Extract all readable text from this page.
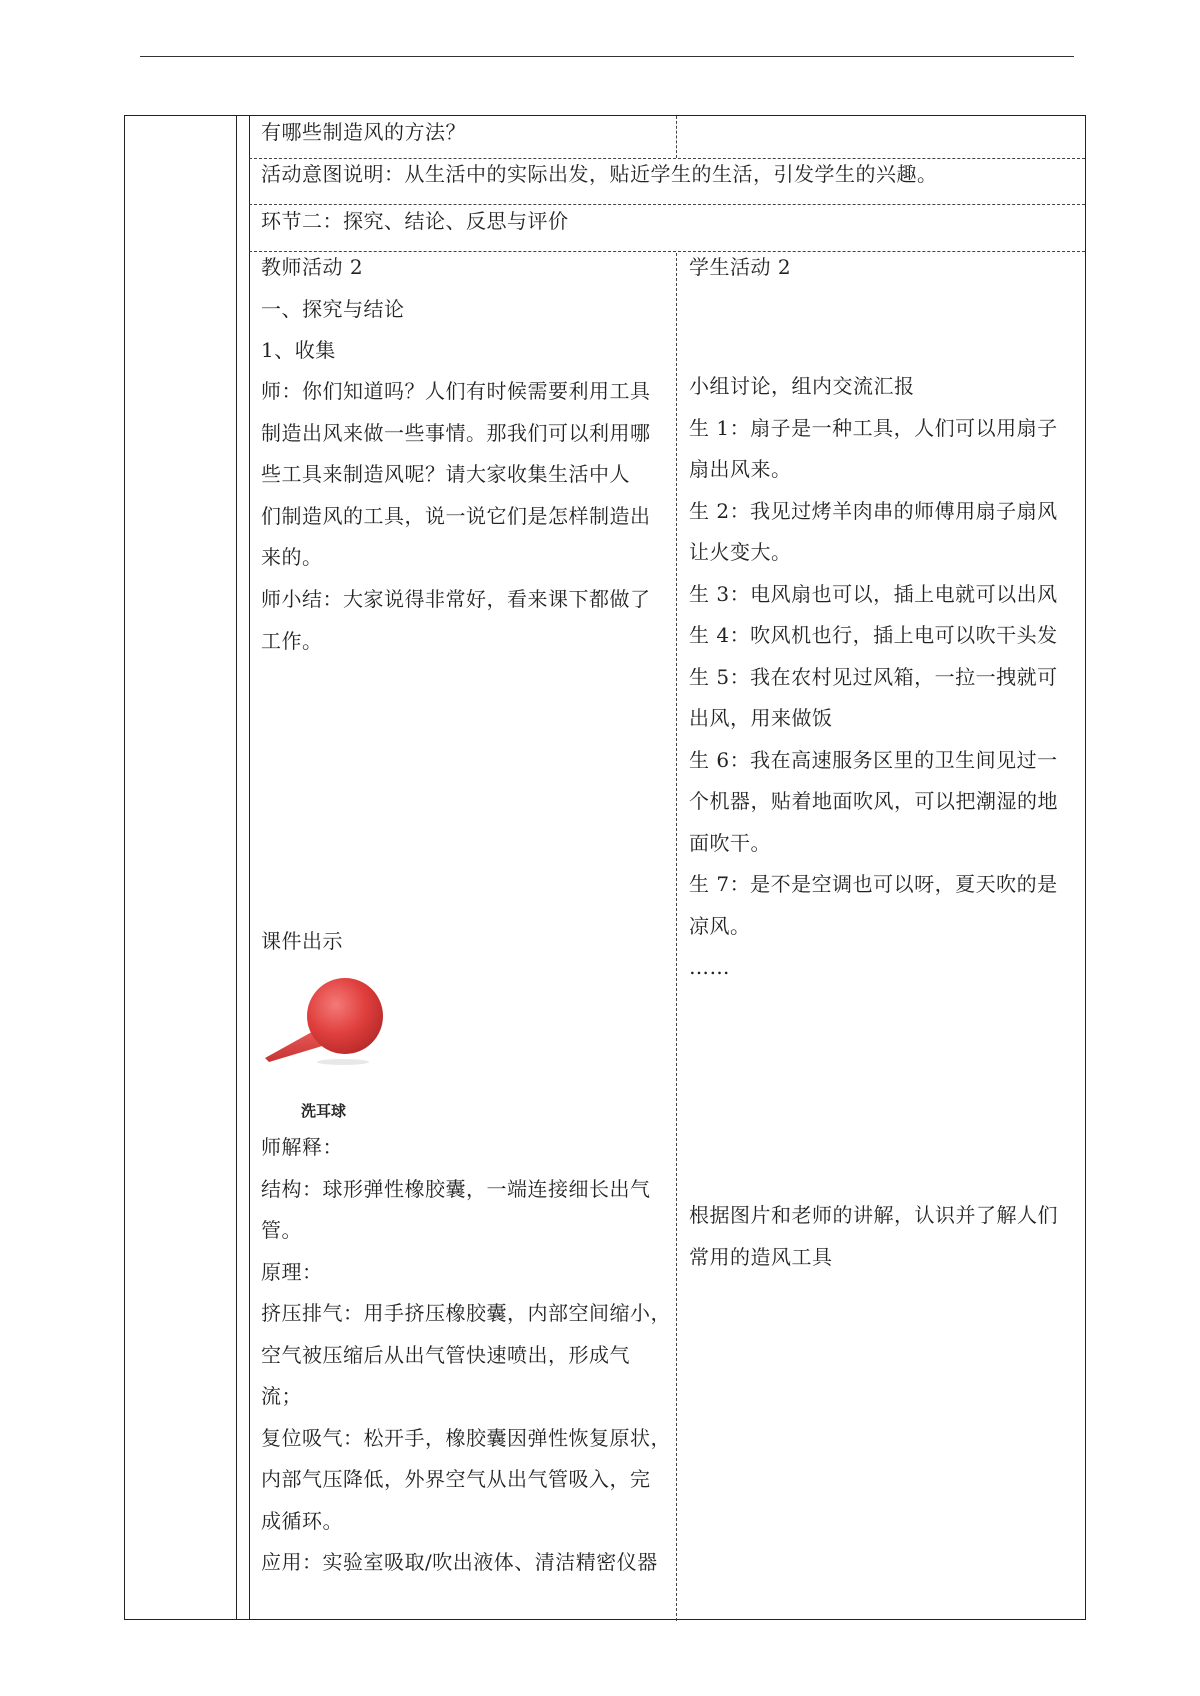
有哪些制造风的方法？
活动意图说明：从生活中的实际出发，贴近学生的生活，引发学生的兴趣。
环节二：探究、结论、反思与评价
教师活动 2
一、探究与结论
1、收集
师：你们知道吗？人们有时候需要利用工具
制造出风来做一些事情。那我们可以利用哪
些工具来制造风呢？请大家收集生活中人
们制造风的工具，说一说它们是怎样制造出
来的。
师小结：大家说得非常好，看来课下都做了
工作。
课件出示
洗耳球
师解释：
结构：球形弹性橡胶囊，一端连接细长出气
管。
原理：
挤压排气：用手挤压橡胶囊，内部空间缩小，
空气被压缩后从出气管快速喷出，形成气
流；
复位吸气：松开手，橡胶囊因弹性恢复原状，
内部气压降低，外界空气从出气管吸入，完
成循环。
应用：实验室吸取/吹出液体、清洁精密仪器
学生活动 2
小组讨论，组内交流汇报
生 1：扇子是一种工具，人们可以用扇子
扇出风来。
生 2：我见过烤羊肉串的师傅用扇子扇风
让火变大。
生 3：电风扇也可以，插上电就可以出风
生 4：吹风机也行，插上电可以吹干头发
生 5：我在农村见过风箱，一拉一拽就可
出风，用来做饭
生 6：我在高速服务区里的卫生间见过一
个机器，贴着地面吹风，可以把潮湿的地
面吹干。
生 7：是不是空调也可以呀，夏天吹的是
凉风。
……
根据图片和老师的讲解，认识并了解人们
常用的造风工具
